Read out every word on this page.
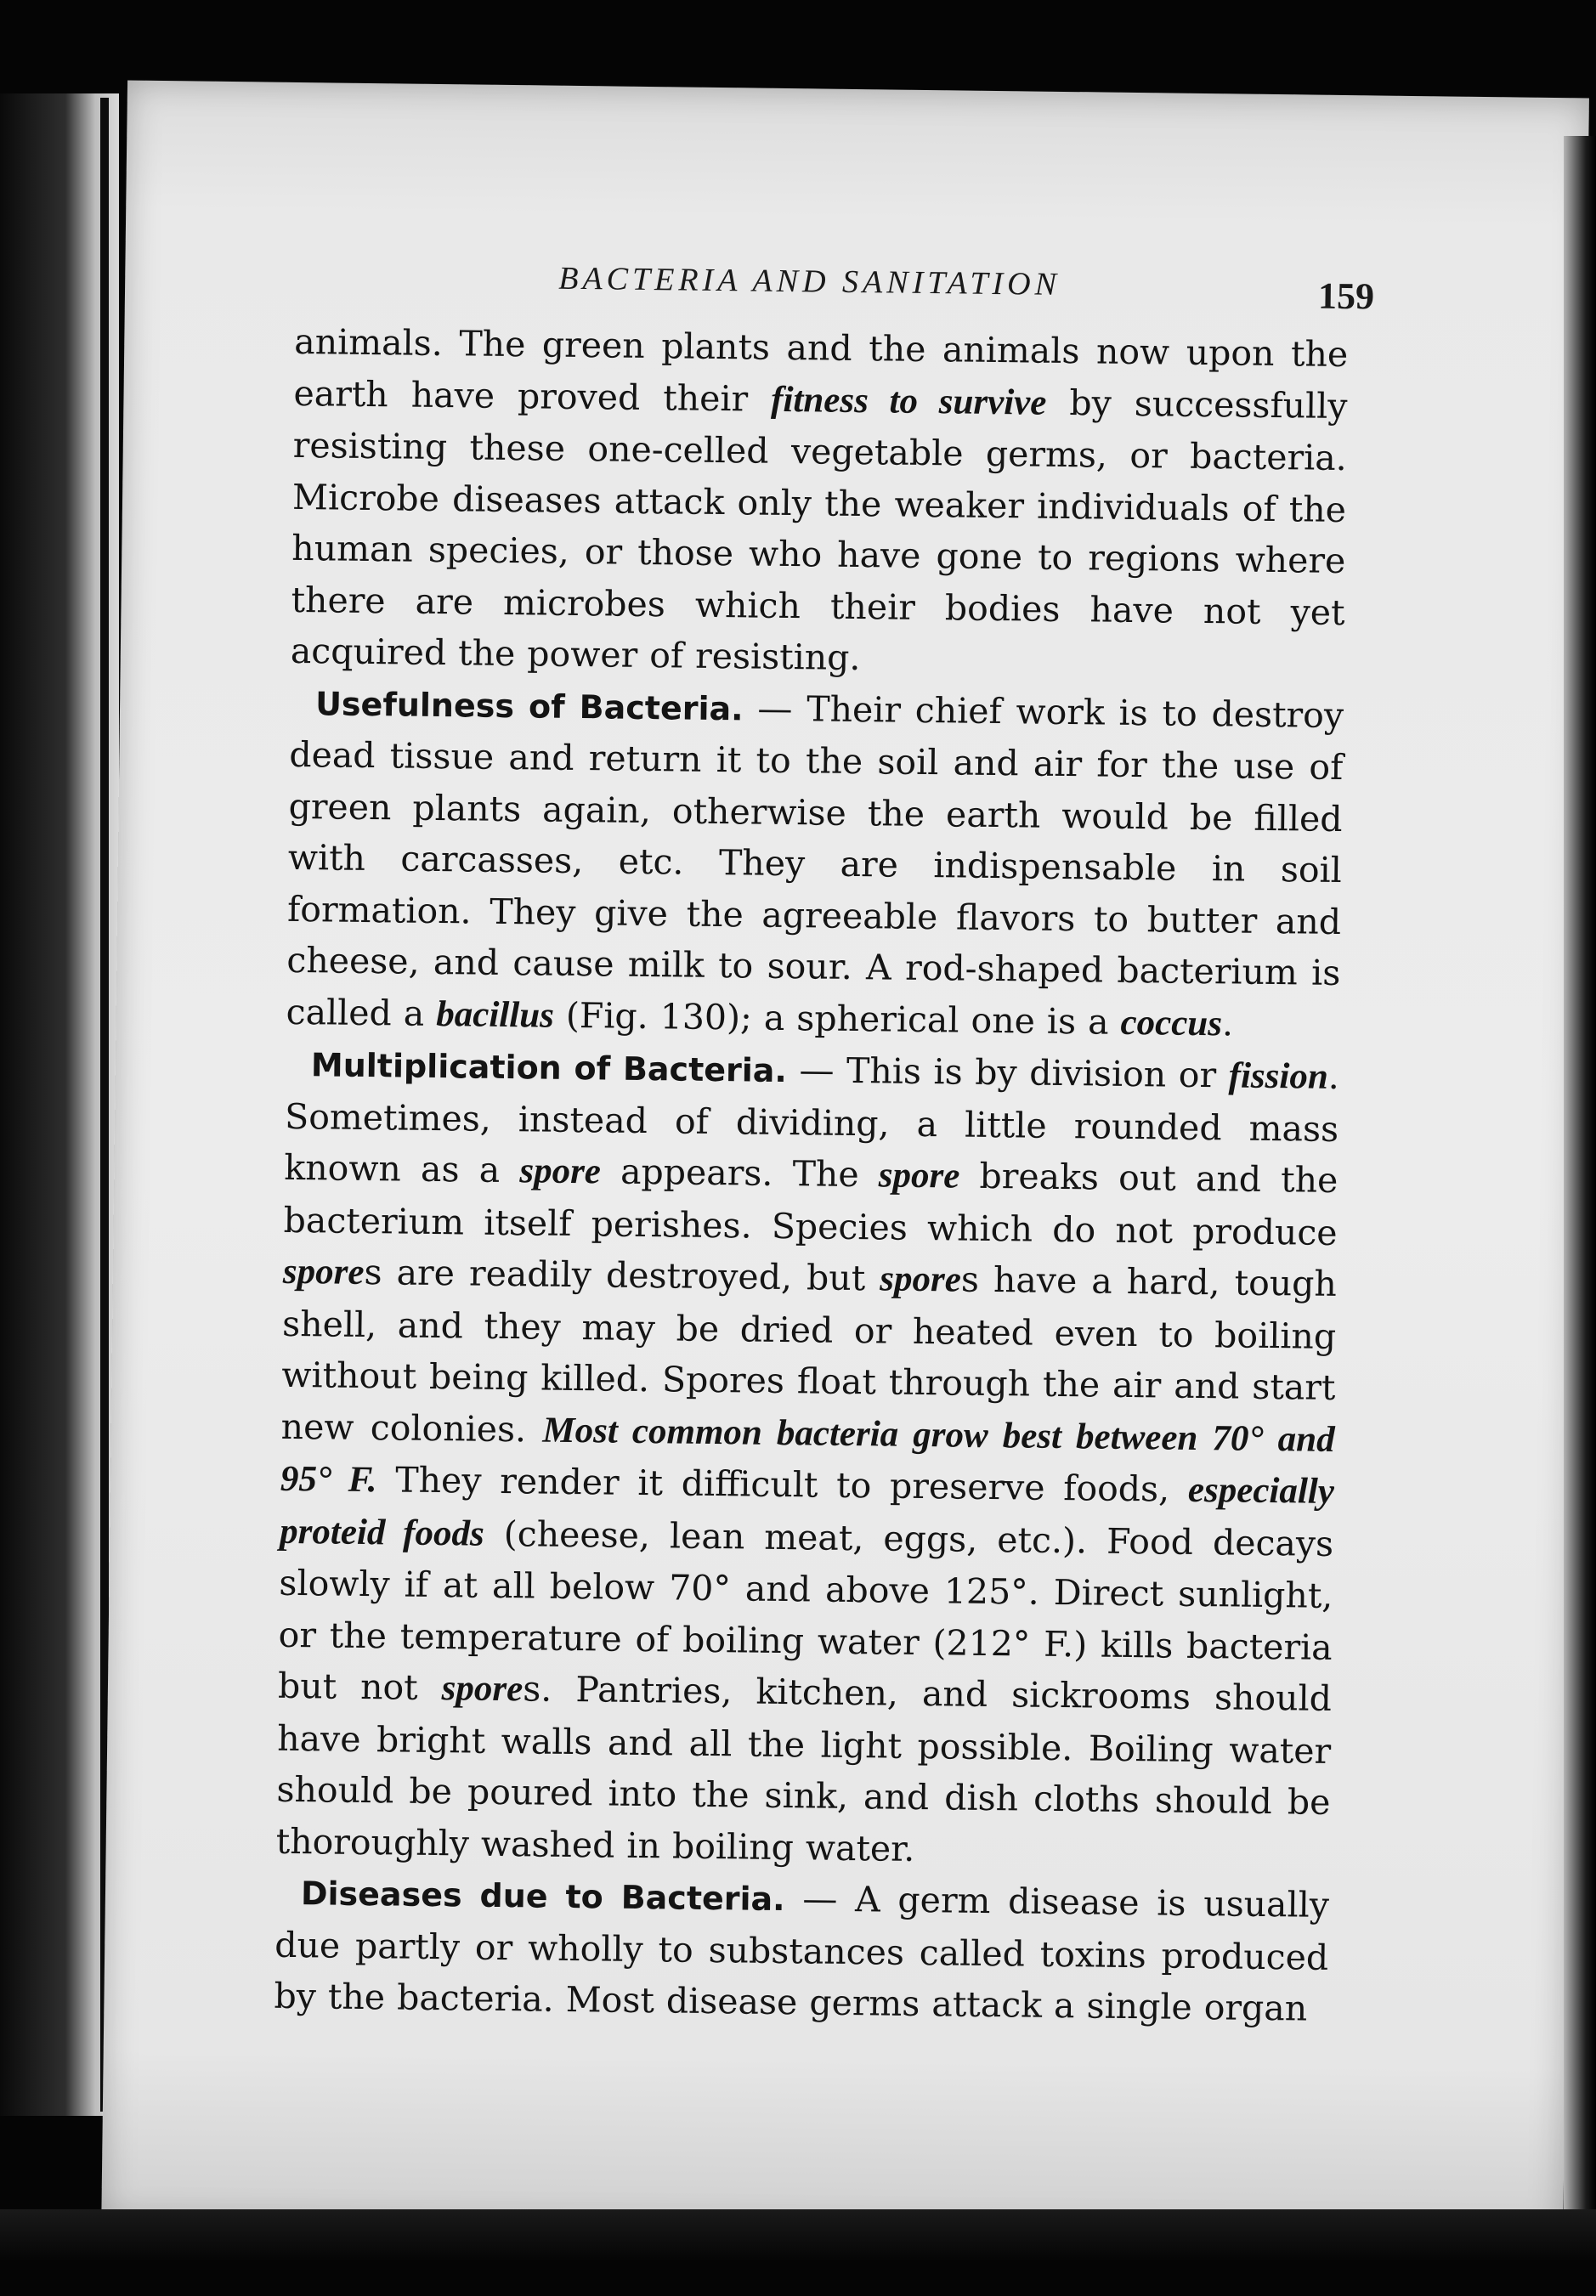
BACTERIA AND SANITATION	159

animals. The green plants and the animals now upon the earth have proved their fitness to survive by successfully resisting these one-celled vegetable germs, or bacteria. Microbe diseases attack only the weaker individuals of the human species, or those who have gone to regions where there are microbes which their bodies have not yet acquired the power of resisting.

Usefulness of Bacteria. — Their chief work is to destroy dead tissue and return it to the soil and air for the use of green plants again, otherwise the earth would be filled with carcasses, etc. They are indispensable in soil formation. They give the agreeable flavors to butter and cheese, and cause milk to sour. A rod-shaped bacterium is called a bacillus (Fig. 130); a spherical one is a coccus.

Multiplication of Bacteria. — This is by division or fission. Sometimes, instead of dividing, a little rounded mass known as a spore appears. The spore breaks out and the bacterium itself perishes. Species which do not produce spores are readily destroyed, but spores have a hard, tough shell, and they may be dried or heated even to boiling without being killed. Spores float through the air and start new colonies. Most common bacteria grow best between 70° and 95° F. They render it difficult to preserve foods, especially proteid foods (cheese, lean meat, eggs, etc.). Food decays slowly if at all below 70° and above 125°. Direct sunlight, or the temperature of boiling water (212° F.) kills bacteria but not spores. Pantries, kitchen, and sickrooms should have bright walls and all the light possible. Boiling water should be poured into the sink, and dish cloths should be thoroughly washed in boiling water.

Diseases due to Bacteria. — A germ disease is usually due partly or wholly to substances called toxins produced by the bacteria. Most disease germs attack a single organ
